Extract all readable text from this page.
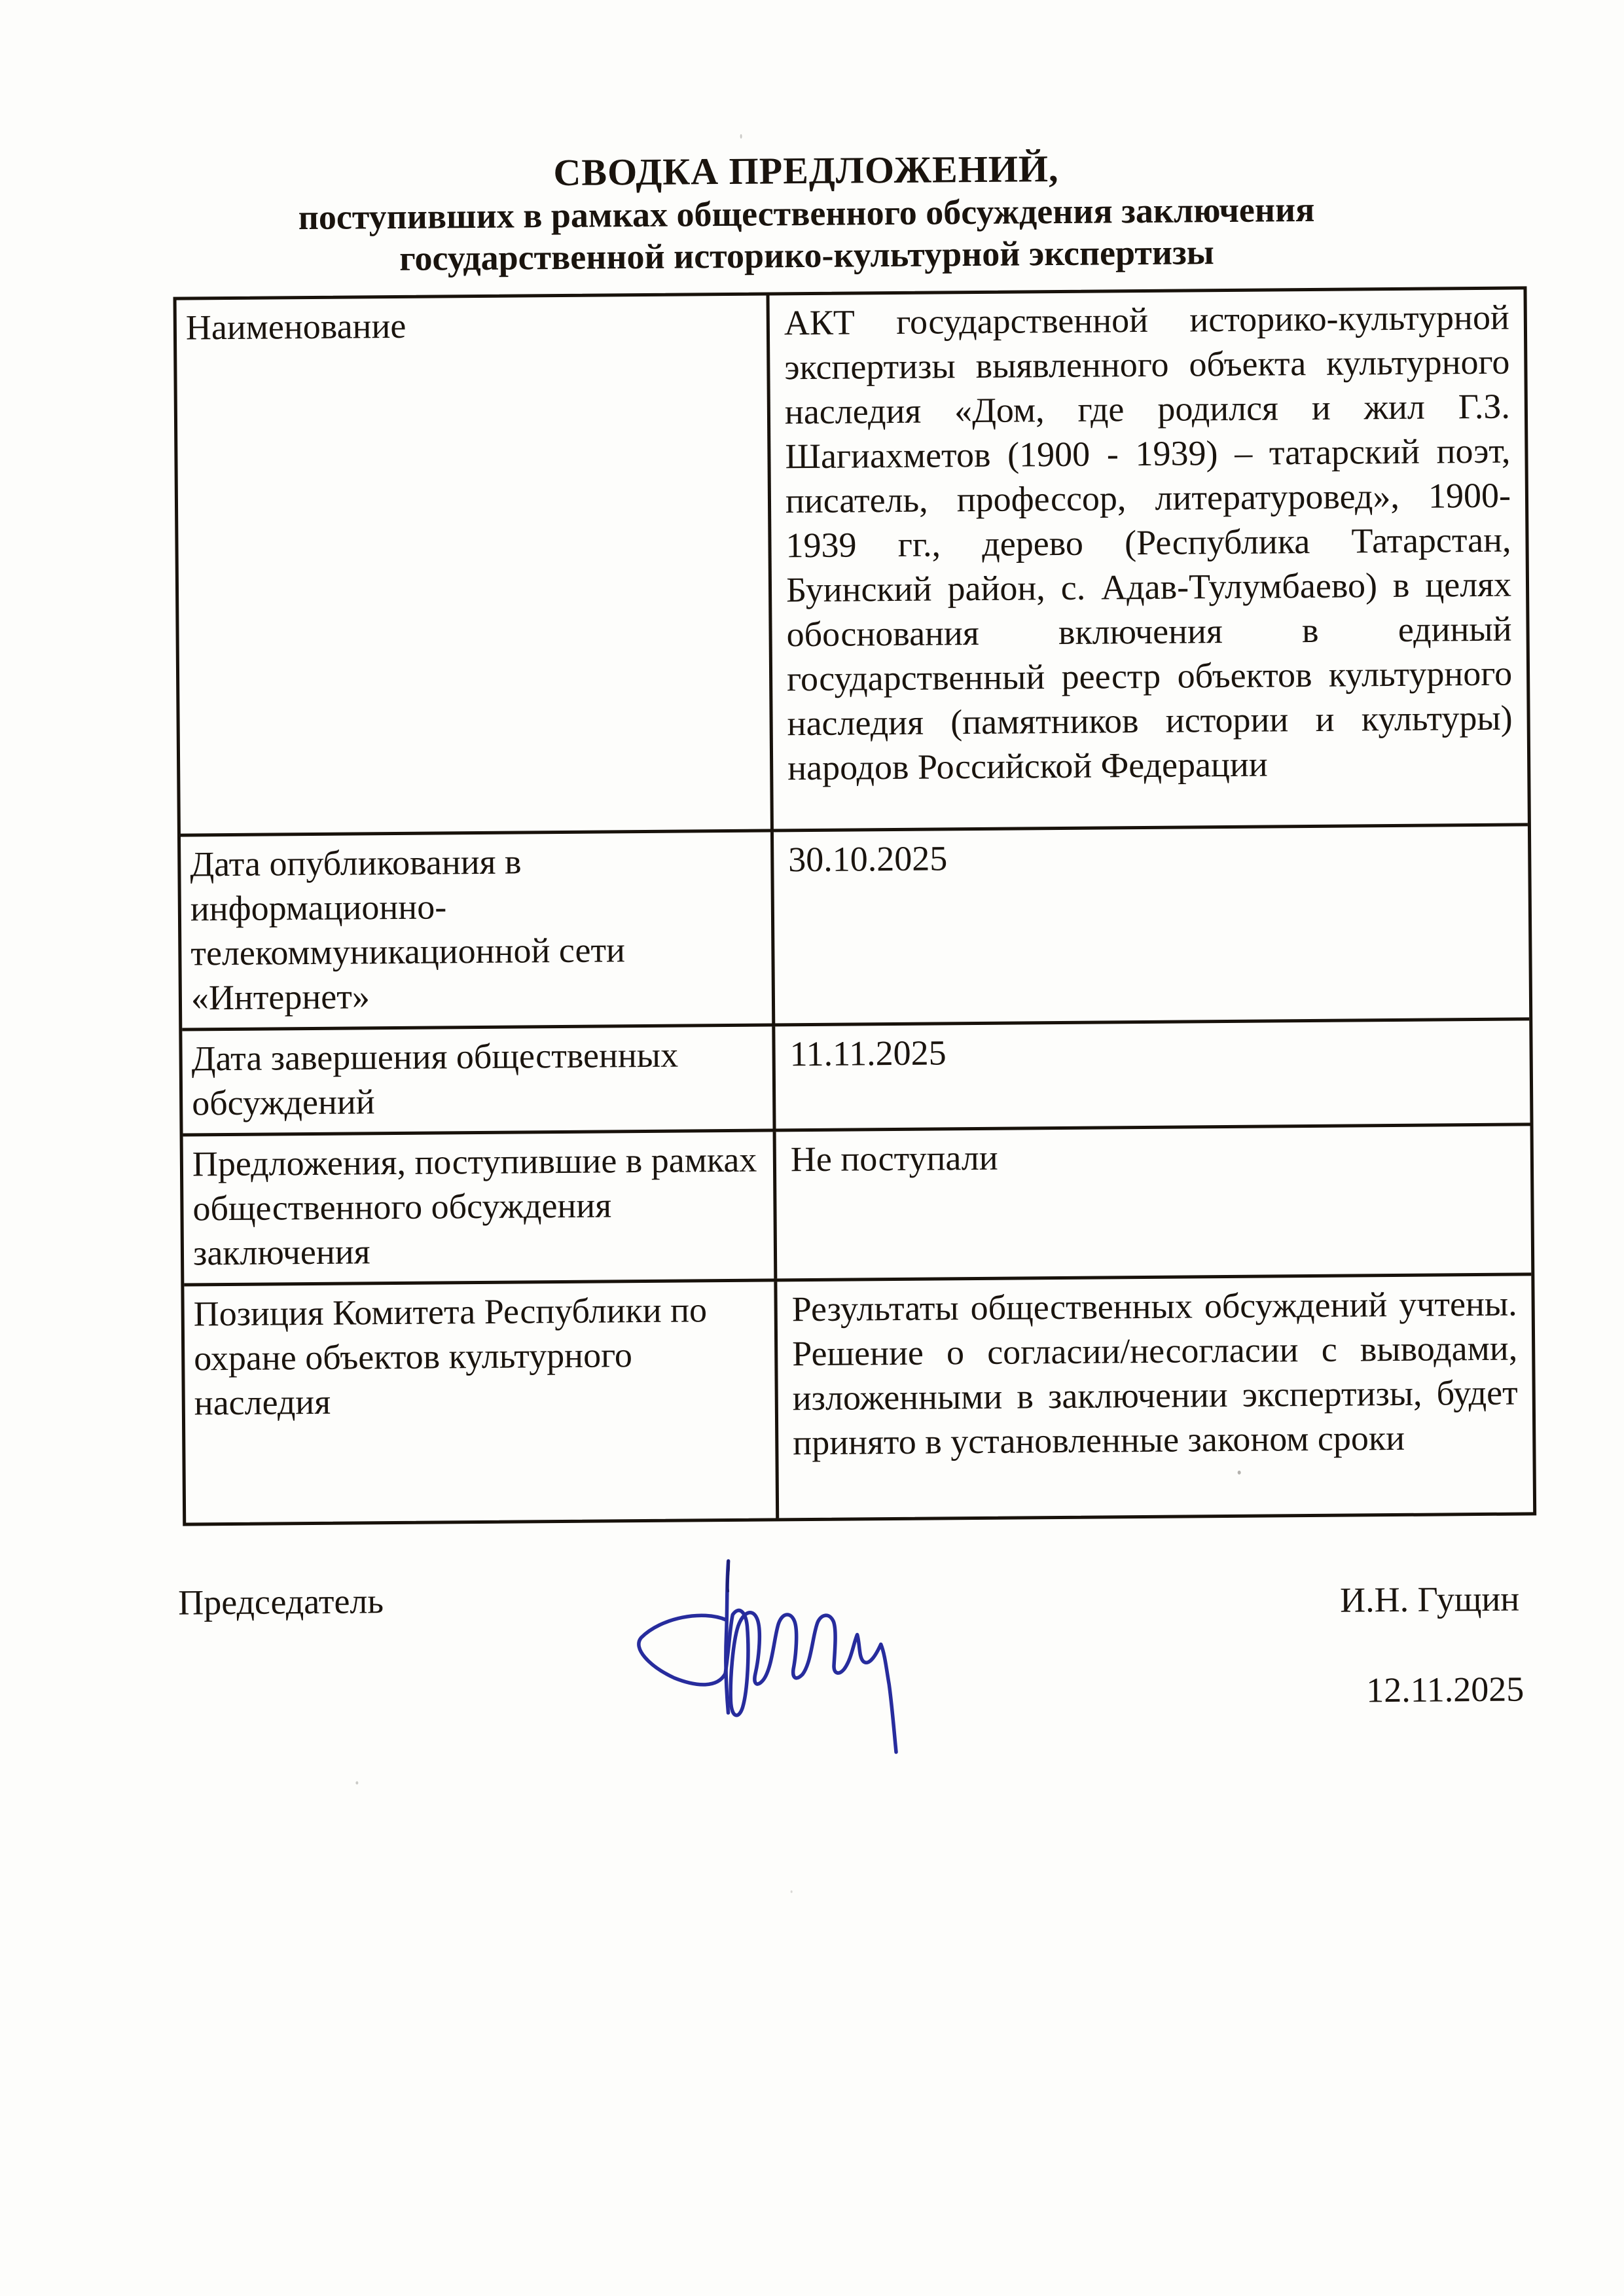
СВОДКА ПРЕДЛОЖЕНИЙ,
поступивших в рамках общественного обсуждения заключения
государственной историко-культурной экспертизы
Наименование	АКТ государственной историко-культурной экспертизы выявленного объекта культурного наследия «Дом, где родился и жил Г.З. Шагиахметов (1900 - 1939) – татарский поэт, писатель, профессор, литературовед», 1900-1939 гг., дерево (Республика Татарстан, Буинский район, с. Адав-Тулумбаево) в целях обоснования включения в единый государственный реестр объектов культурного наследия (памятников истории и культуры) народов Российской Федерации
Дата опубликования в информационно-телекоммуникационной сети «Интернет»
30.10.2025
Дата завершения общественных обсуждений
11.11.2025
Предложения, поступившие в рамках общественного обсуждения заключения
Не поступали
Позиция Комитета Республики по охране объектов культурного наследия
Результаты общественных обсуждений учтены. Решение о согласии/несогласии с выводами, изложенными в заключении экспертизы, будет принято в установленные законом сроки
Председатель	И.Н. Гущин
12.11.2025
